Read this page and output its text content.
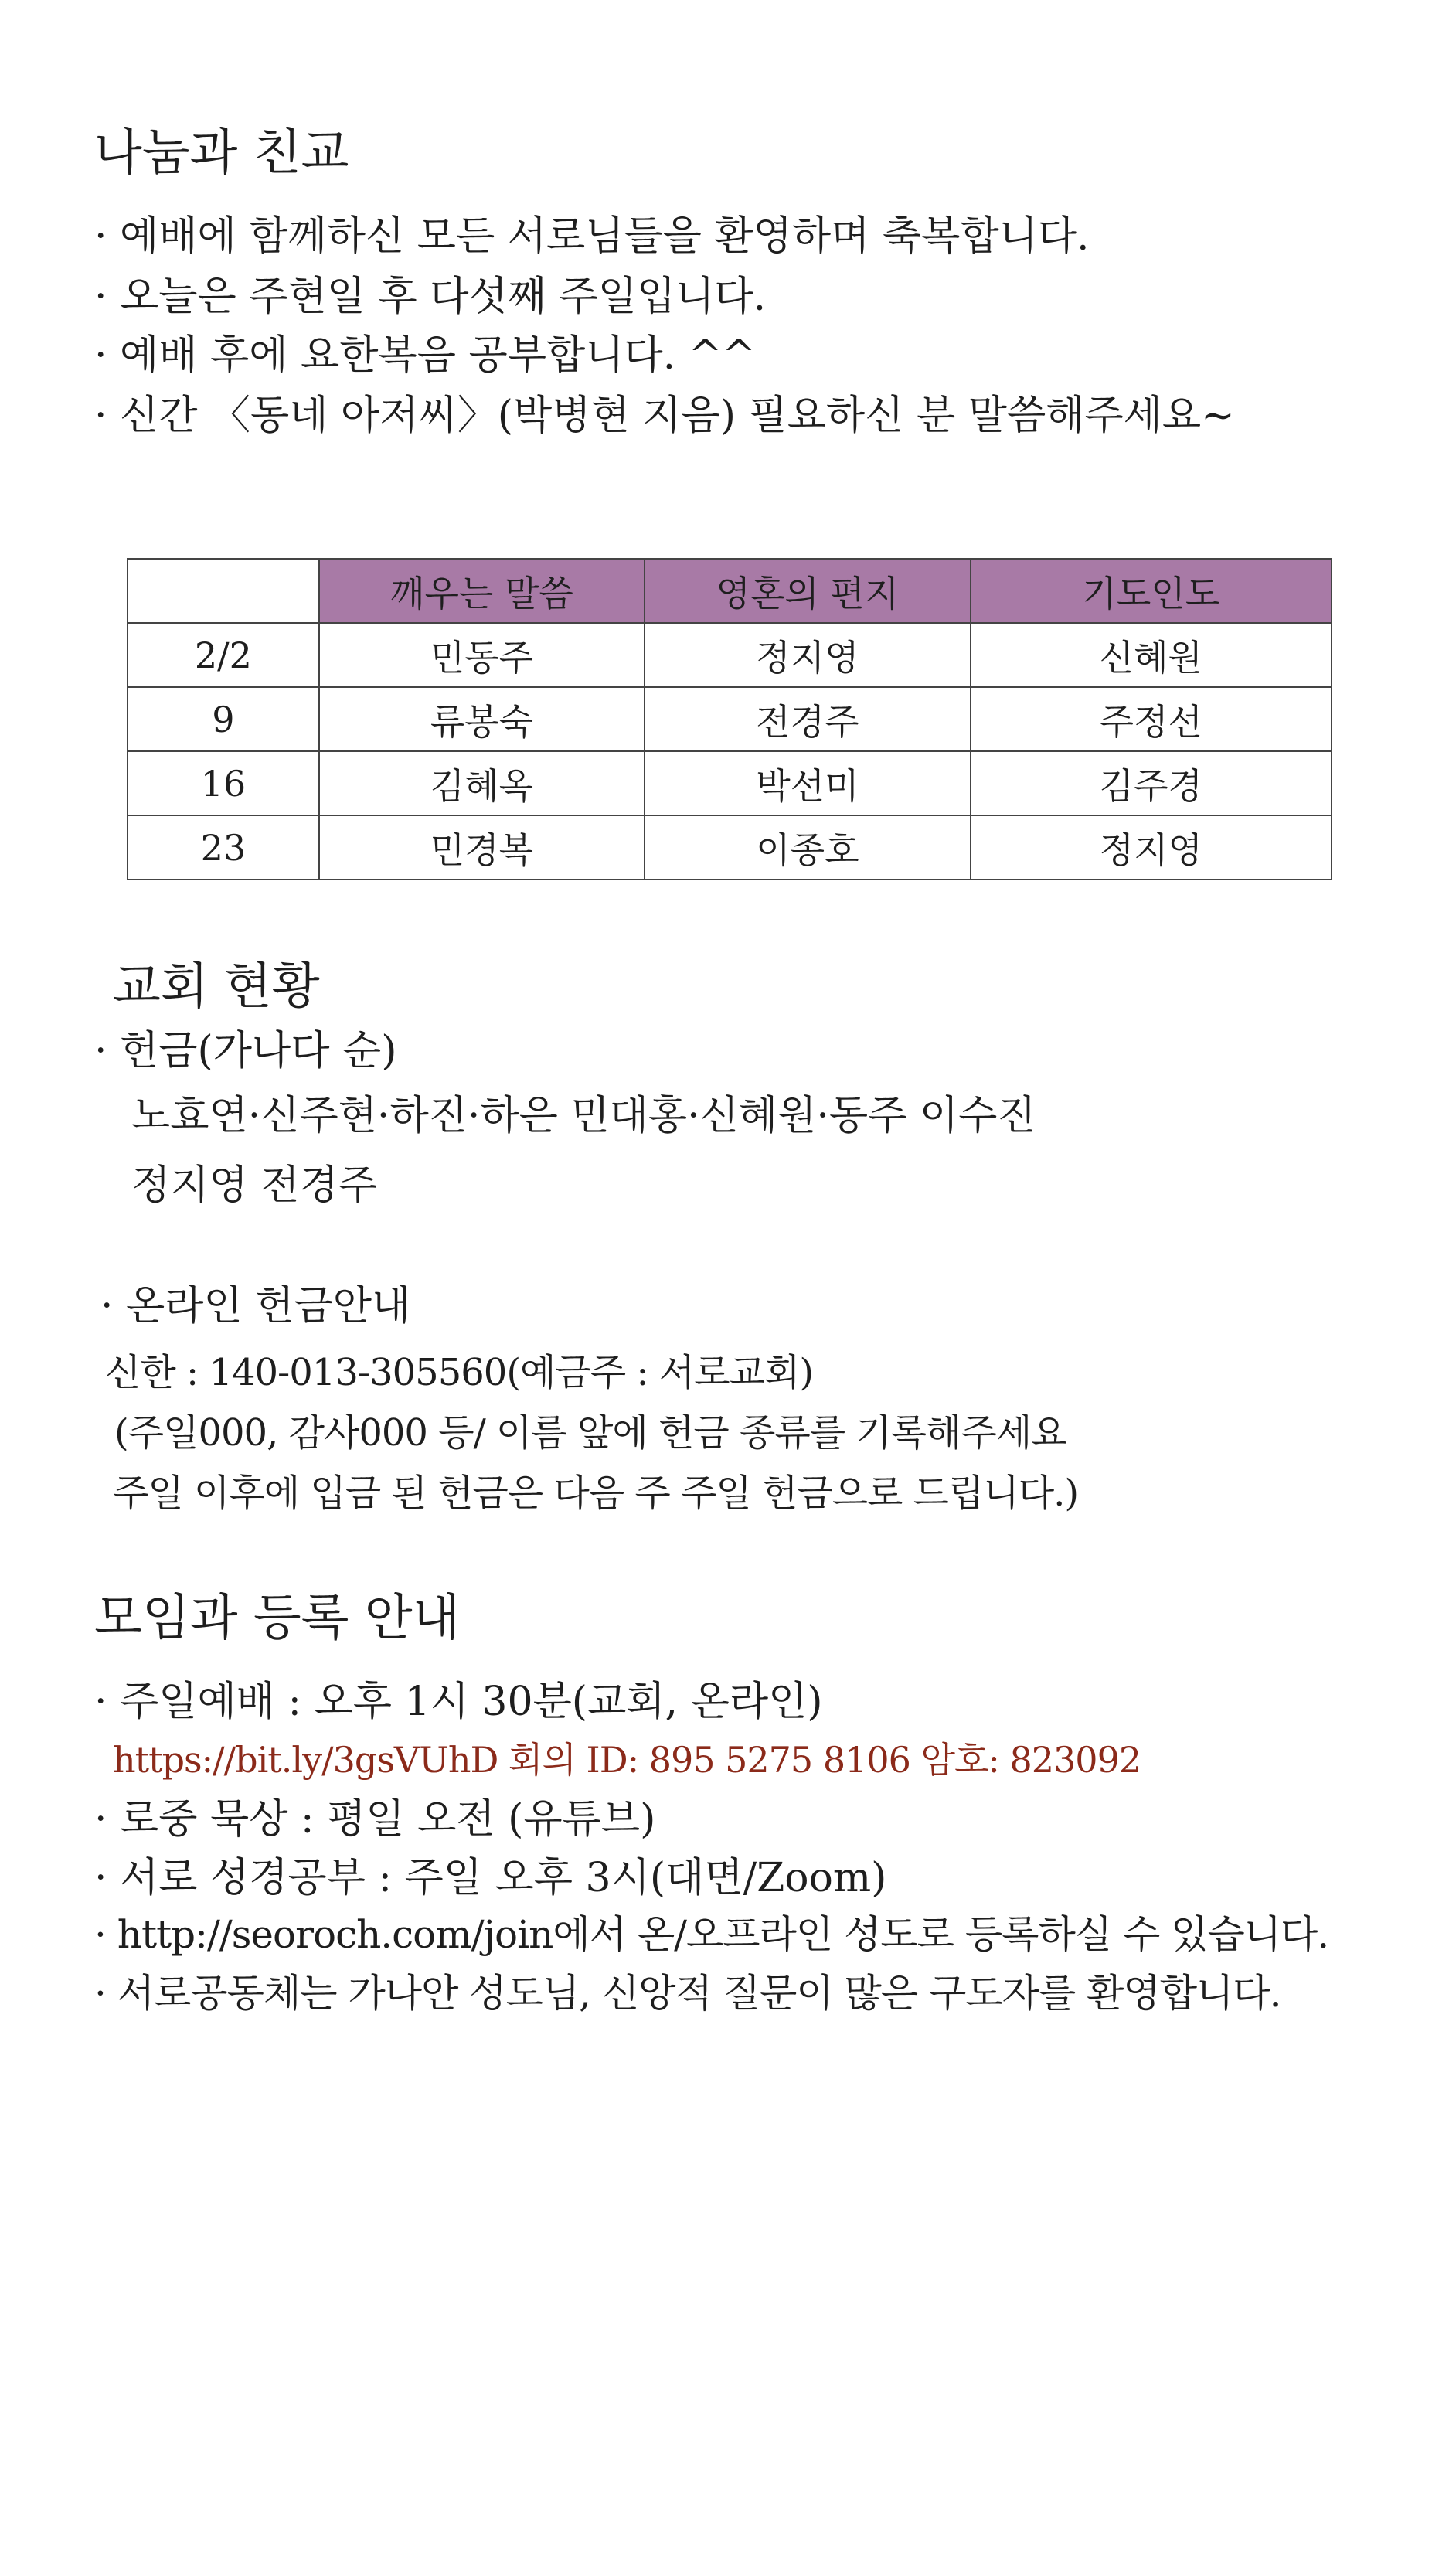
나눔과 친교
· 예배에 함께하신 모든 서로님들을 환영하며 축복합니다.
· 오늘은 주현일 후 다섯째 주일입니다.
· 예배 후에 요한복음 공부합니다. ^^
· 신간 〈동네 아저씨〉(박병현 지음) 필요하신 분 말씀해주세요~
	깨우는 말씀	영혼의 편지	기도인도
2/2	민동주	정지영	신혜원
9	류봉숙	전경주	주정선
16	김혜옥	박선미	김주경
23	민경복	이종호	정지영
교회 현황
· 헌금(가나다 순)
노효연·신주현·하진·하은 민대홍·신혜원·동주 이수진
정지영 전경주
· 온라인 헌금안내
신한 : 140-013-305560(예금주 : 서로교회)
(주일000, 감사000 등/ 이름 앞에 헌금 종류를 기록해주세요
주일 이후에 입금 된 헌금은 다음 주 주일 헌금으로 드립니다.)
모임과 등록 안내
· 주일예배 : 오후 1시 30분(교회, 온라인)
https://bit.ly/3gsVUhD 회의 ID: 895 5275 8106 암호: 823092
· 로중 묵상 : 평일 오전 (유튜브)
· 서로 성경공부 : 주일 오후 3시(대면/Zoom)
· http://seoroch.com/join에서 온/오프라인 성도로 등록하실 수 있습니다.
· 서로공동체는 가나안 성도님, 신앙적 질문이 많은 구도자를 환영합니다.
